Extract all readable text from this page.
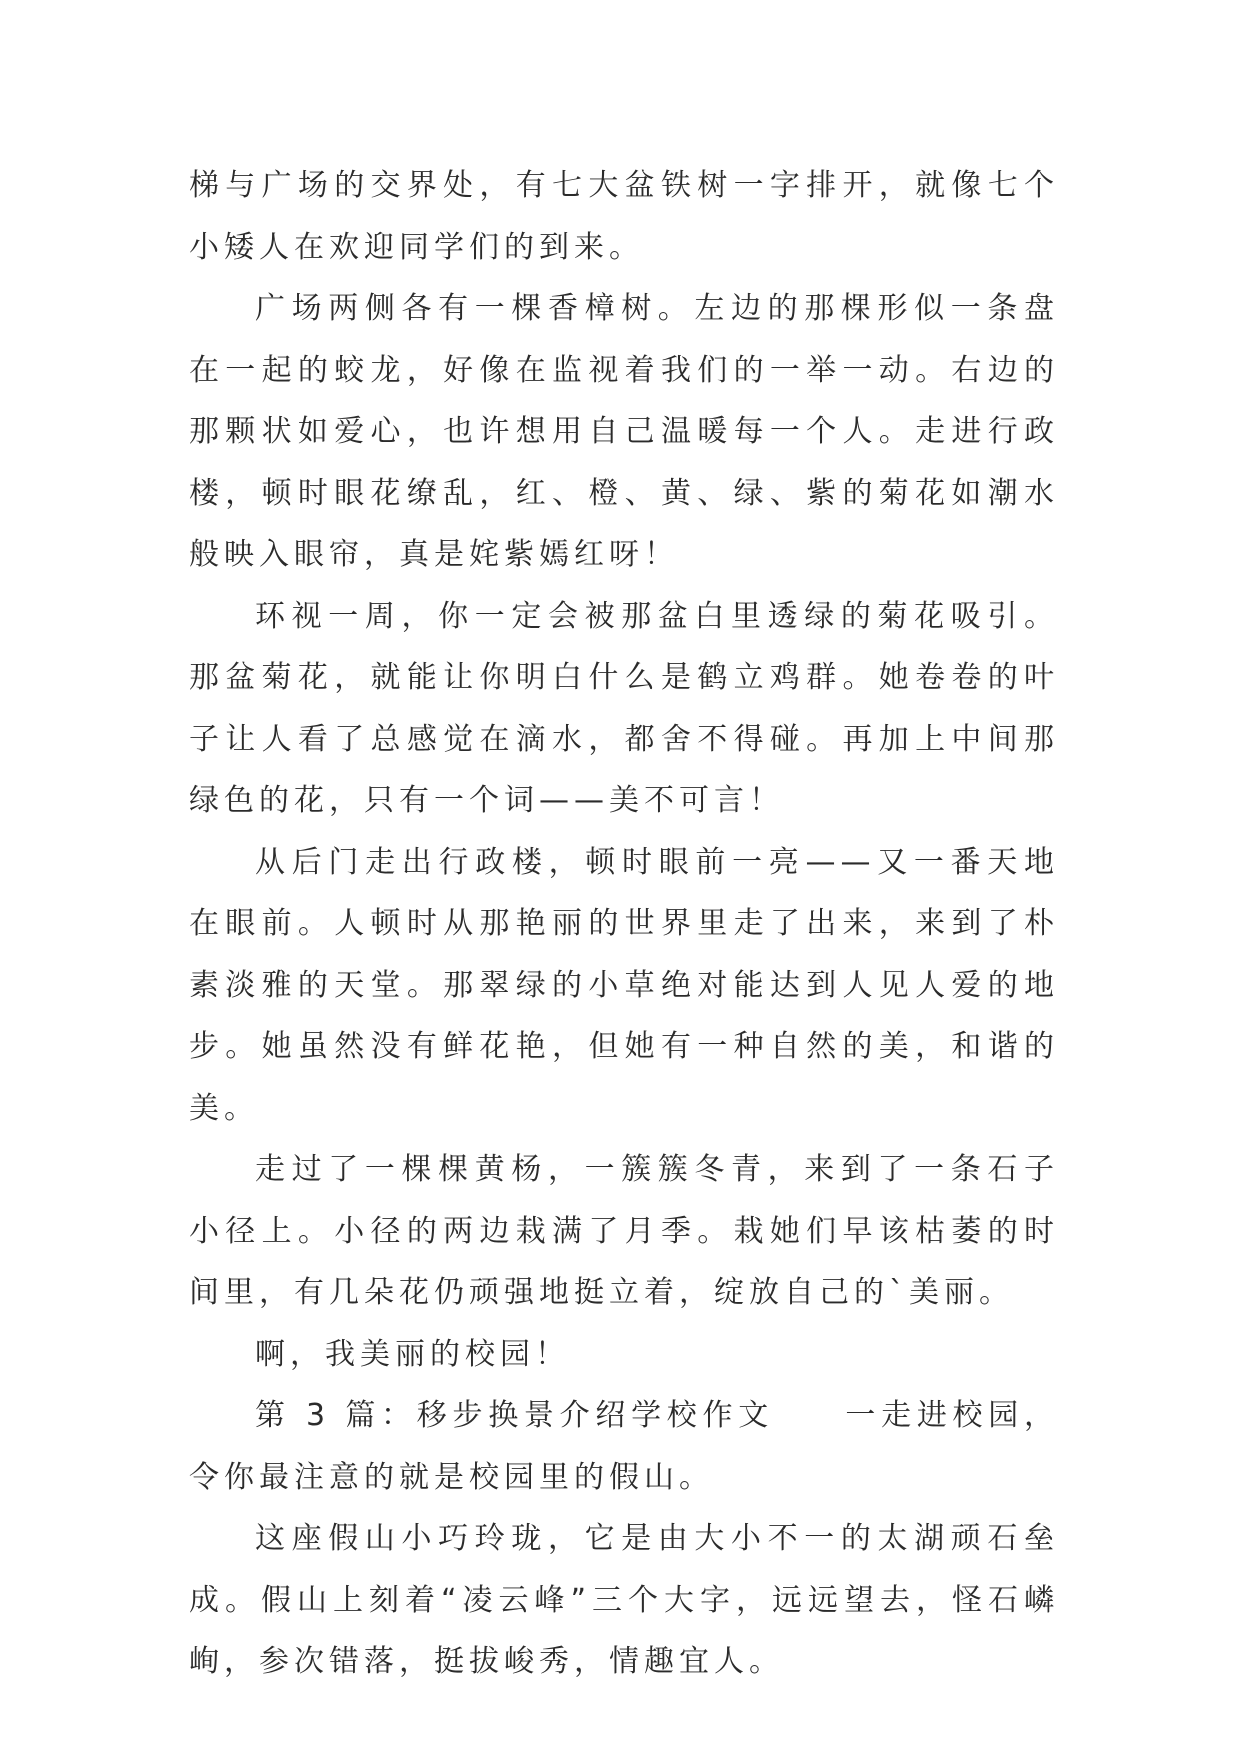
梯与广场的交界处，有七大盆铁树一字排开，就像七个小矮人在欢迎同学们的到来。

广场两侧各有一棵香樟树。左边的那棵形似一条盘在一起的蛟龙，好像在监视着我们的一举一动。右边的那颗状如爱心，也许想用自己温暖每一个人。走进行政楼，顿时眼花缭乱，红、橙、黄、绿、紫的菊花如潮水般映入眼帘，真是姹紫嫣红呀！

环视一周，你一定会被那盆白里透绿的菊花吸引。那盆菊花，就能让你明白什么是鹤立鸡群。她卷卷的叶子让人看了总感觉在滴水，都舍不得碰。再加上中间那绿色的花，只有一个词——美不可言！

从后门走出行政楼，顿时眼前一亮——又一番天地在眼前。人顿时从那艳丽的世界里走了出来，来到了朴素淡雅的天堂。那翠绿的小草绝对能达到人见人爱的地步。她虽然没有鲜花艳，但她有一种自然的美，和谐的美。

走过了一棵棵黄杨，一簇簇冬青，来到了一条石子小径上。小径的两边栽满了月季。栽她们早该枯萎的时间里，有几朵花仍顽强地挺立着，绽放自己的`美丽。

啊，我美丽的校园！

第 3 篇：移步换景介绍学校作文　　一走进校园，令你最注意的就是校园里的假山。

这座假山小巧玲珑，它是由大小不一的太湖顽石垒成。假山上刻着“凌云峰”三个大字，远远望去，怪石嶙峋，参次错落，挺拔峻秀，情趣宜人。
